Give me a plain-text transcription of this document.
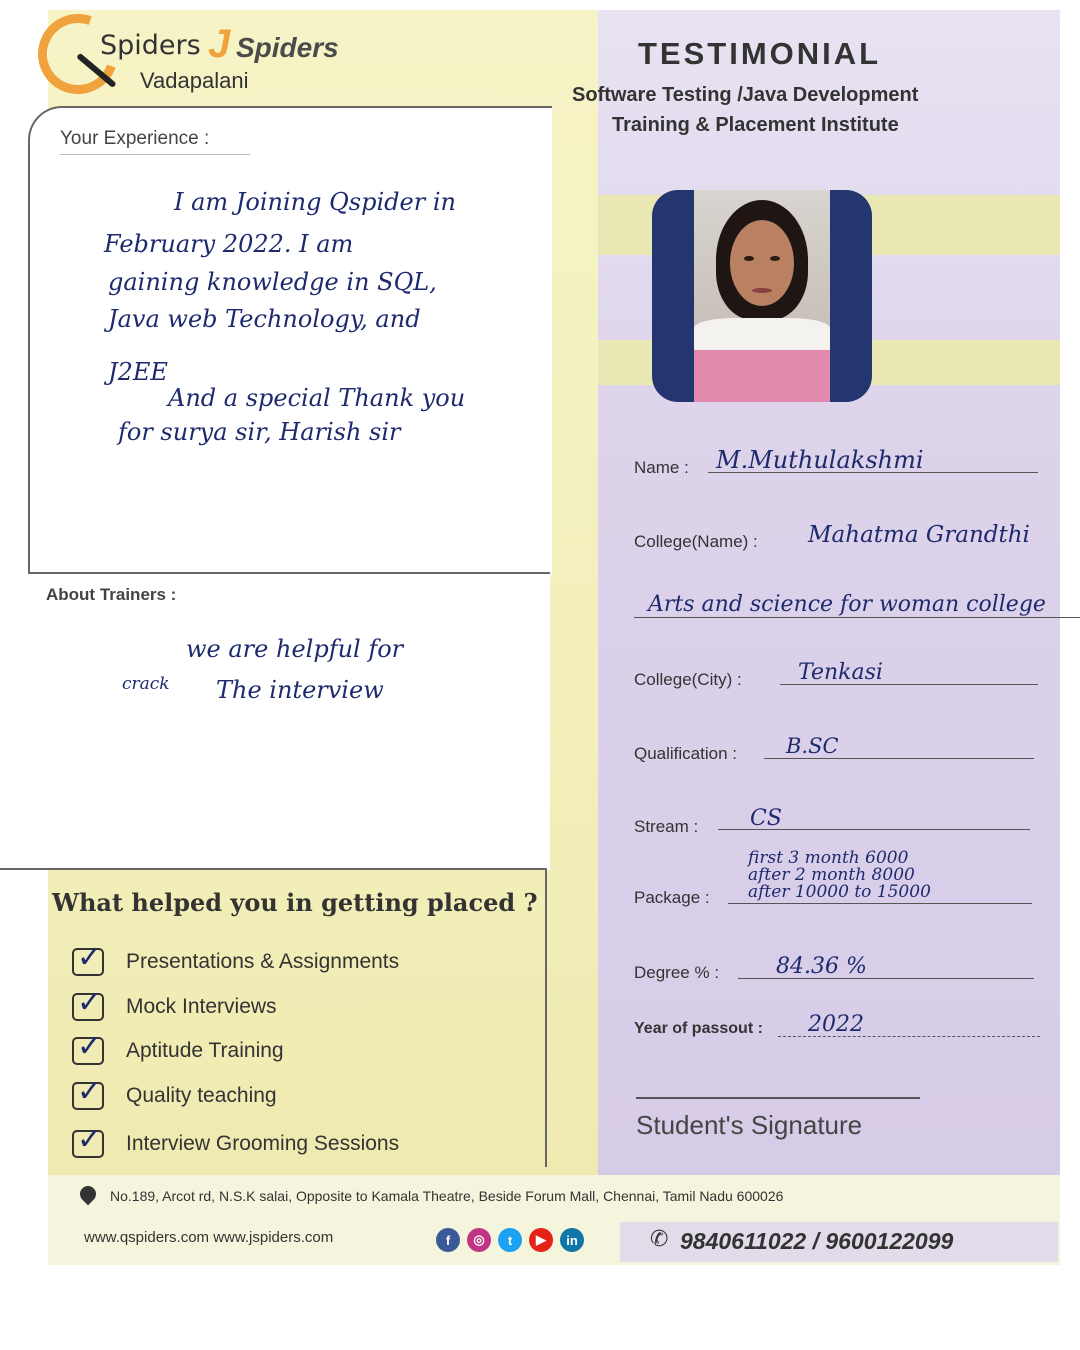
Spiders J Spiders
Vadapalani
TESTIMONIAL
Software Testing /Java Development
Training & Placement Institute
Your Experience :
I am Joining Qspider in
February 2022. I am
gaining knowledge in SQL,
Java web Technology, and
J2EE
And a special Thank you
for surya sir, Harish sir
About Trainers :
we are helpful for
crack The interview
What helped you in getting placed ?
✓ Presentations & Assignments
✓ Mock Interviews
✓ Aptitude Training
✓ Quality teaching
✓ Interview Grooming Sessions
Name : M.Muthulakshmi
College(Name) : Mahatma Grandthi
Arts and science for woman college
College(City) :	Tenkasi
Qualification : B.SC
Stream : CS
Package :
first 3 month 6000
after 2 month 8000
after 10000 to 15000
Degree % :	84.36 %
Year of passout : 2022
Student's Signature
No.189, Arcot rd, N.S.K salai, Opposite to Kamala Theatre, Beside Forum Mall, Chennai, Tamil Nadu 600026
www.qspiders.com www.jspiders.com	f	◎	t	▶	in	✆ 9840611022 / 9600122099
